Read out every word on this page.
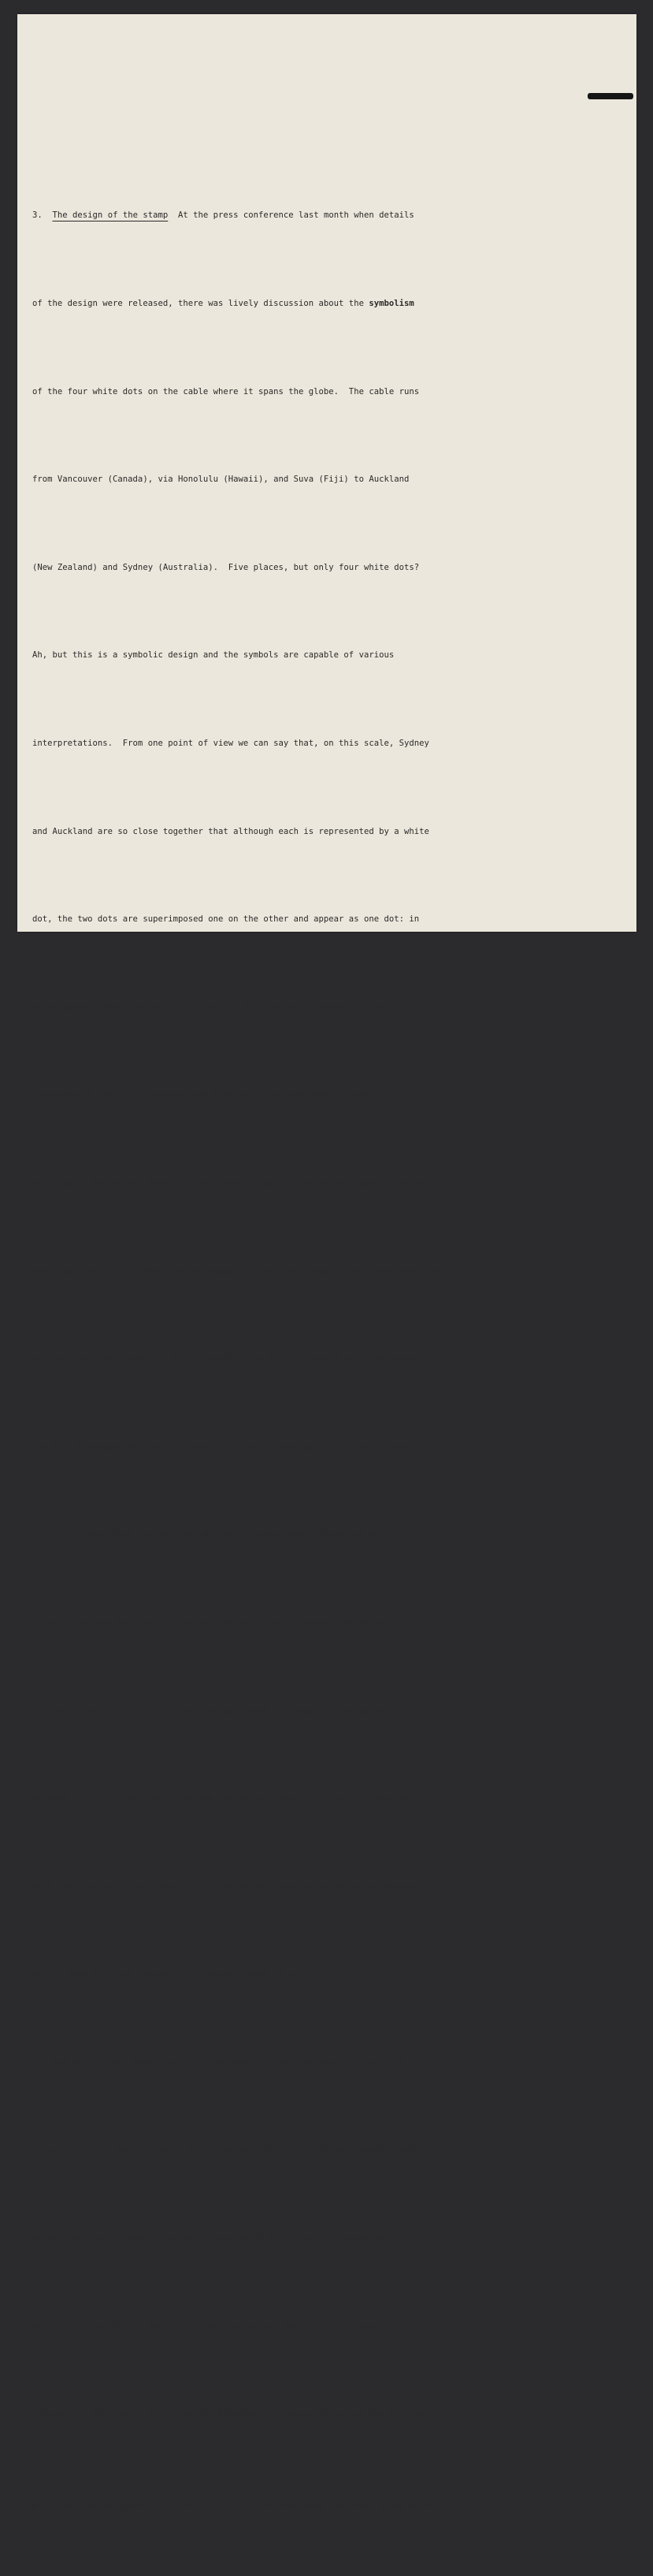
3. The design of the stamp  At the press conference last month when details

of the design were released, there was lively discussion about the symbolism

of the four white dots on the cable where it spans the globe.  The cable runs

from Vancouver (Canada), via Honolulu (Hawaii), and Suva (Fiji) to Auckland

(New Zealand) and Sydney (Australia).  Five places, but only four white dots?

Ah, but this is a symbolic design and the symbols are capable of various

interpretations.  From one point of view we can say that, on this scale, Sydney

and Auckland are so close together that although each is represented by a white

dot, the two dots are superimposed one on the other and appear as one dot: in

other words, there are really five dots!  Alternatively, since the cable is a

Commonwealth one, it is appropriate that only the Commonwealth relay points

are shown - Vancouver, Suva, Auckland and Sydney.  Alternatively again, and to

avoid distressing our American colleagues we can take a much wider interpretation

and say that the globe is a truly symbolic one with the white spots representing

the four Commonwealth countries who are jointly responsible for this transworld

link: the spots then become Great Britain, Canada, New Zealand and Australia.

It would perhaps be unfair to expect the artist who prepared the design to give

a firm ruling on this aspect since he was asked to adapt the design which will

be used jointly by Australia and New Zealand who are also issuing stamps to

mark the opening of the cable.  This design was prepared by an artist-engraver

of the Note Printing Branch of the Reserve Bank of Australia.

4. The Artist, Mr. Peter Gauld, is 38 years old and was born at Coalville,

Leicestershire.  He trained at the Leicester College of Art as a painter and

graphic designer.  Before the war he worked at the Leicester Museum and Art

Gallery.  From 1951 to March this year he was art editor for Unilever

Information Division.  He is now Art Director for Curwen Press and has his own

practice.  He designed the 21/2d. Post Office Savings Bank Centenary stamp which
